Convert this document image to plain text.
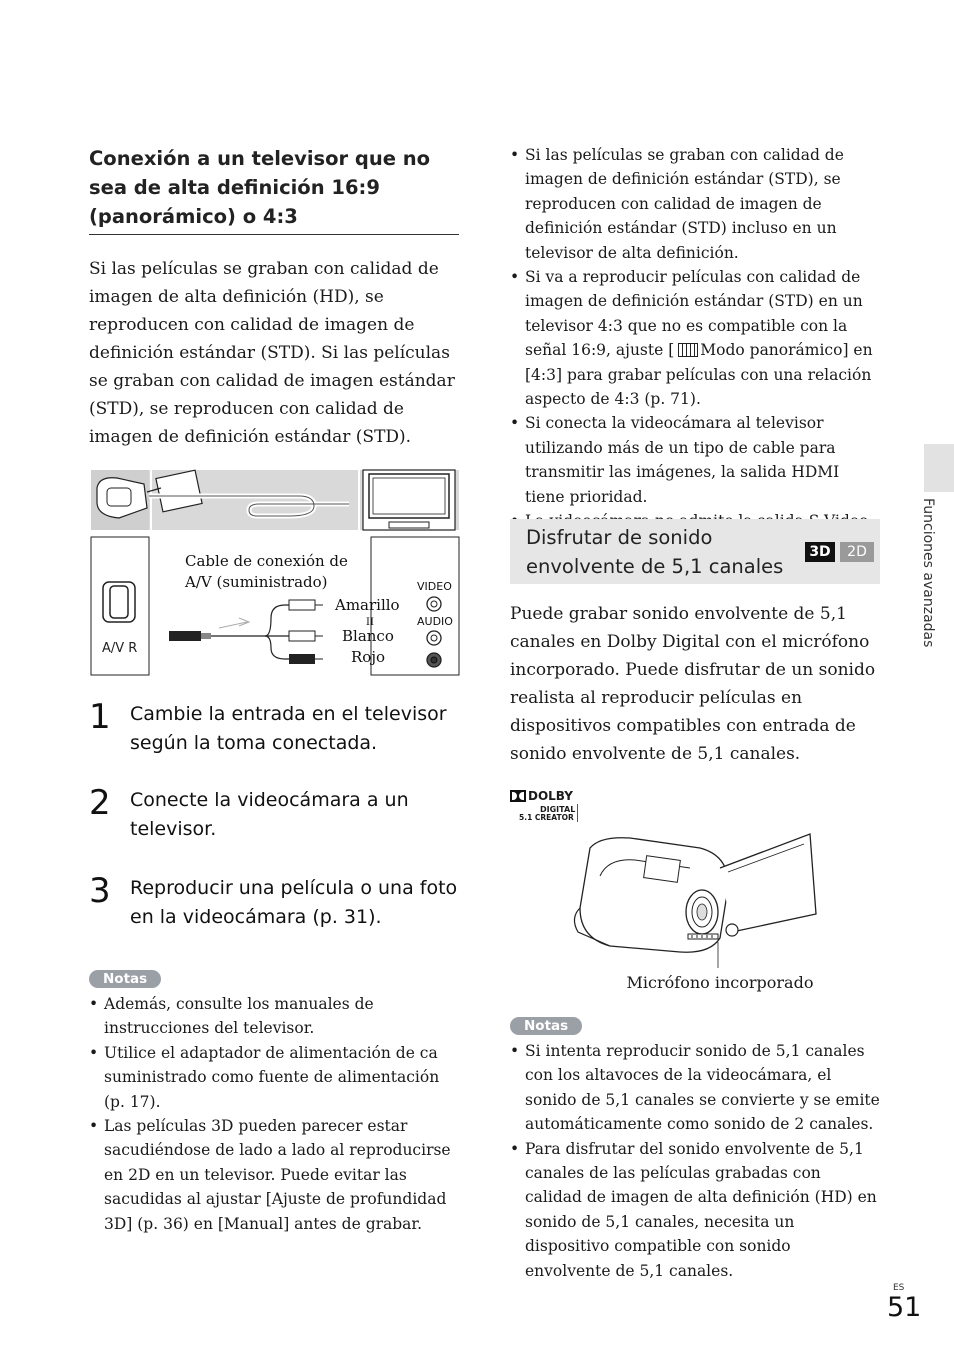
Conexión a un televisor que no sea de alta definición 16:9 (panorámico) o 4:3

Si las películas se graban con calidad de imagen de alta definición (HD), se reproducen con calidad de imagen de definición estándar (STD). Si las películas se graban con calidad de imagen estándar (STD), se reproducen con calidad de imagen de definición estándar (STD).

A/V R
Cable de conexión de
A/V (suministrado)
Amarillo
II
Blanco
Rojo
VIDEO
AUDIO
1 Cambie la entrada en el televisor según la toma conectada.
2 Conecte la videocámara a un televisor.
3 Reproducir una película o una foto en la videocámara (p. 31).
Notas
• Además, consulte los manuales de instrucciones del televisor.
• Utilice el adaptador de alimentación de ca suministrado como fuente de alimentación (p. 17).
• Las películas 3D pueden parecer estar sacudiéndose de lado a lado al reproducirse en 2D en un televisor. Puede evitar las sacudidas al ajustar [Ajuste de profundidad 3D] (p. 36) en [Manual] antes de grabar.
• Si las películas se graban con calidad de imagen de definición estándar (STD), se reproducen con calidad de imagen de definición estándar (STD) incluso en un televisor de alta definición.
• Si va a reproducir películas con calidad de imagen de definición estándar (STD) en un televisor 4:3 que no es compatible con la señal 16:9, ajuste [ Modo panorámico] en [4:3] para grabar películas con una relación aspecto de 4:3 (p. 71).
• Si conecta la videocámara al televisor utilizando más de un tipo de cable para transmitir las imágenes, la salida HDMI tiene prioridad.
•
Disfrutar de sonido envolvente de 5,1 canales
3D	2D

Puede grabar sonido envolvente de 5,1 canales en Dolby Digital con el micrófono incorporado. Puede disfrutar de un sonido realista al reproducir películas en dispositivos compatibles con entrada de sonido envolvente de 5,1 canales.

DOLBY
DIGITAL
5.1 CREATOR
Micrófono incorporado
Notas
• Si intenta reproducir sonido de 5,1 canales con los altavoces de la videocámara, el sonido de 5,1 canales se convierte y se emite automáticamente como sonido de 2 canales.
• Para disfrutar del sonido envolvente de 5,1 canales de las películas grabadas con calidad de imagen de alta definición (HD) en sonido de 5,1 canales, necesita un dispositivo compatible con sonido envolvente de 5,1 canales.
Funciones avanzadas
ES
51
